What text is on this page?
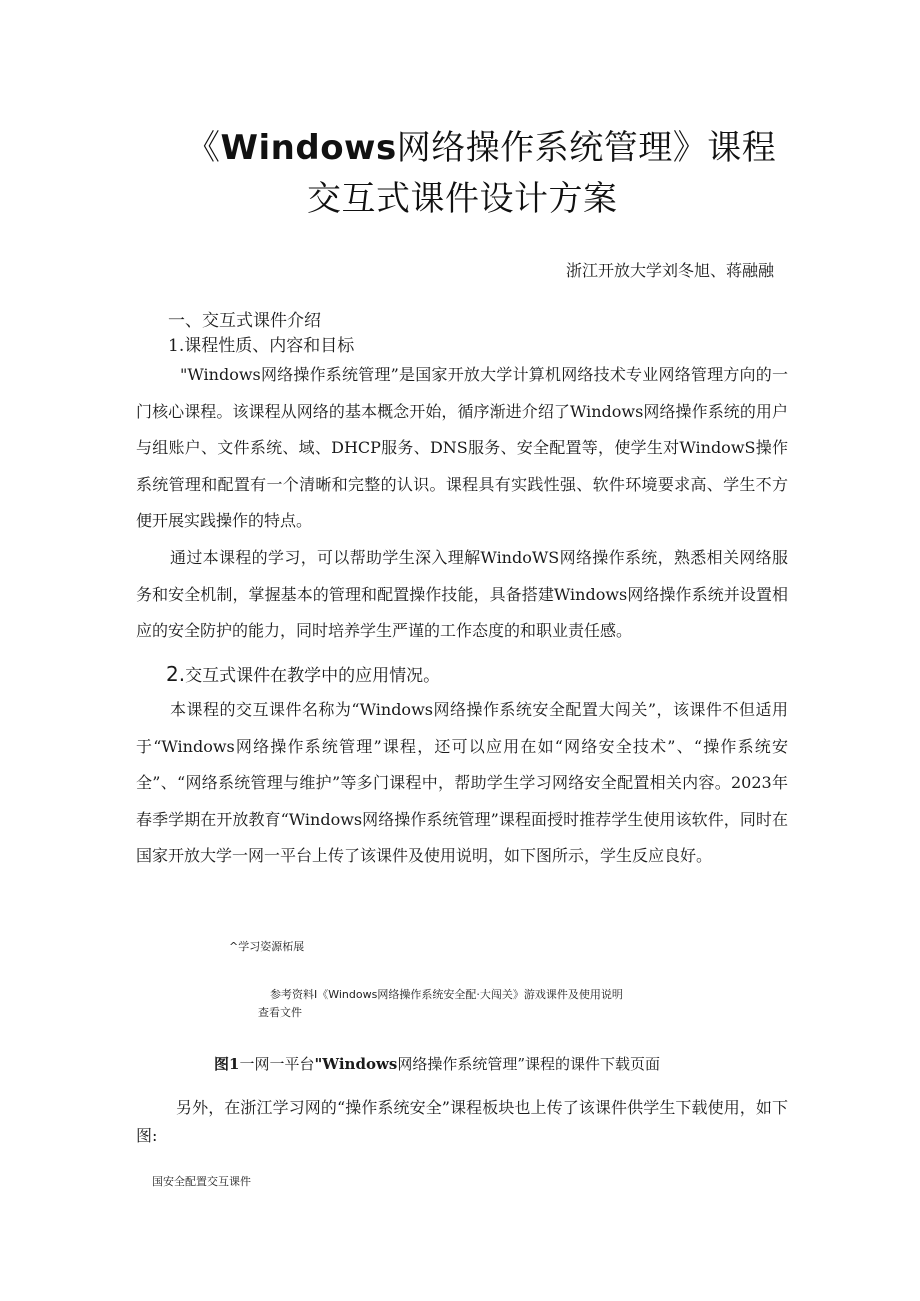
《Windows网络操作系统管理》课程
交互式课件设计方案
浙江开放大学刘冬旭、蒋融融
一、交互式课件介绍
1.课程性质、内容和目标
"Windows网络操作系统管理”是国家开放大学计算机网络技术专业网络管理方向的一门核心课程。该课程从网络的基本概念开始，循序渐进介绍了Windows网络操作系统的用户与组账户、文件系统、域、DHCP服务、DNS服务、安全配置等，使学生对WindowS操作系统管理和配置有一个清晰和完整的认识。课程具有实践性强、软件环境要求高、学生不方便开展实践操作的特点。
通过本课程的学习，可以帮助学生深入理解WindoWS网络操作系统，熟悉相关网络服务和安全机制，掌握基本的管理和配置操作技能，具备搭建Windows网络操作系统并设置相应的安全防护的能力，同时培养学生严谨的工作态度的和职业责任感。
2.交互式课件在教学中的应用情况。
本课程的交互课件名称为“Windows网络操作系统安全配置大闯关”，该课件不但适用于“Windows网络操作系统管理”课程，还可以应用在如“网络安全技术”、“操作系统安全”、“网络系统管理与维护”等多门课程中，帮助学生学习网络安全配置相关内容。2023年春季学期在开放教育“Windows网络操作系统管理”课程面授时推荐学生使用该软件，同时在国家开放大学一网一平台上传了该课件及使用说明，如下图所示，学生反应良好。
^学习姿源柘展
参考资料I《Windows网络操作系统安全配·大闯关》游戏课件及使用说明
查看文件
图1一网一平台"Windows网络操作系统管理”课程的课件下载页面
另外，在浙江学习网的“操作系统安全”课程板块也上传了该课件供学生下载使用，如下图:
国安全配置交互课件
